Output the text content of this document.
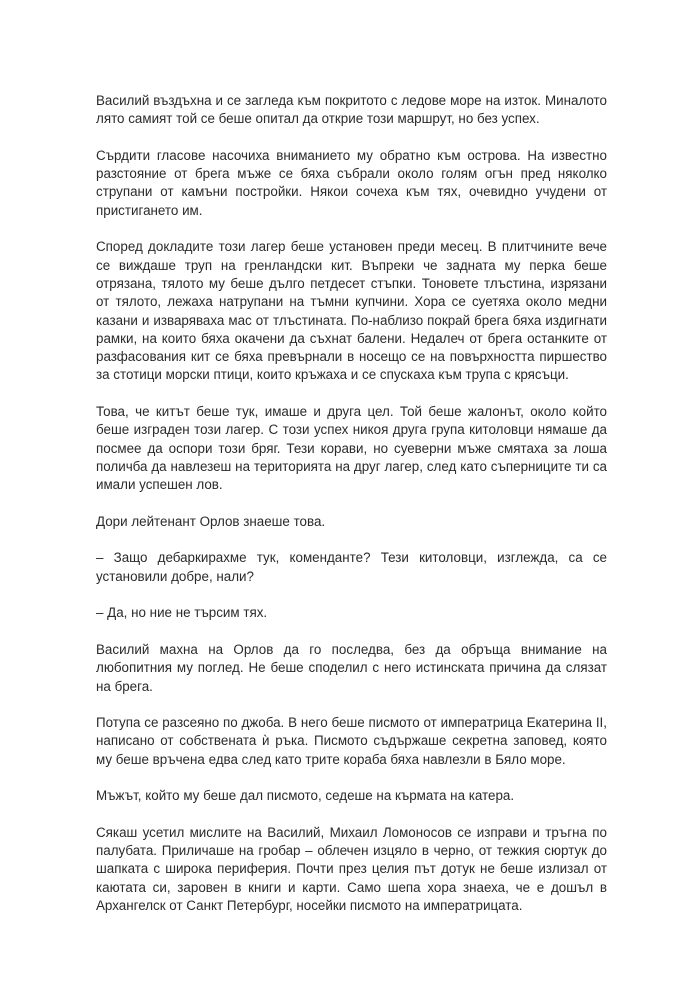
Василий въздъхна и се загледа към покритото с ледове море на изток. Миналото лято самият той се беше опитал да открие този маршрут, но без успех.

Сърдити гласове насочиха вниманието му обратно към острова. На известно разстояние от брега мъже се бяха събрали около голям огън пред няколко струпани от камъни постройки. Някои сочеха към тях, очевидно учудени от пристигането им.

Според докладите този лагер беше установен преди месец. В плитчините вече се виждаше труп на гренландски кит. Въпреки че задната му перка беше отрязана, тялото му беше дълго петдесет стъпки. Тоновете тлъстина, изрязани от тялото, лежаха натрупани на тъмни купчини. Хора се суетяха около медни казани и изваряваха мас от тлъстината. По-наблизо покрай брега бяха издигнати рамки, на които бяха окачени да съхнат балени. Недалеч от брега останките от разфасования кит се бяха превърнали в носещо се на повърхността пиршество за стотици морски птици, които кръжаха и се спускаха към трупа с крясъци.

Това, че китът беше тук, имаше и друга цел. Той беше жалонът, около който беше изграден този лагер. С този успех никоя друга група китоловци нямаше да посмее да оспори този бряг. Тези корави, но суеверни мъже смятаха за лоша поличба да навлезеш на територията на друг лагер, след като съперниците ти са имали успешен лов.

Дори лейтенант Орлов знаеше това.

– Защо дебаркирахме тук, коменданте? Тези китоловци, изглежда, са се установили добре, нали?

– Да, но ние не търсим тях.

Василий махна на Орлов да го последва, без да обръща внимание на любопитния му поглед. Не беше споделил с него истинската причина да слязат на брега.

Потупа се разсеяно по джоба. В него беше писмото от императрица Екатерина II, написано от собствената ѝ ръка. Писмото съдържаше секретна заповед, която му беше връчена едва след като трите кораба бяха навлезли в Бяло море.

Мъжът, който му беше дал писмото, седеше на кърмата на катера.

Сякаш усетил мислите на Василий, Михаил Ломоносов се изправи и тръгна по палубата. Приличаше на гробар – облечен изцяло в черно, от тежкия сюртук до шапката с широка периферия. Почти през целия път дотук не беше излизал от каютата си, заровен в книги и карти. Само шепа хора знаеха, че е дошъл в Архангелск от Санкт Петербург, носейки писмото на императрицата.
